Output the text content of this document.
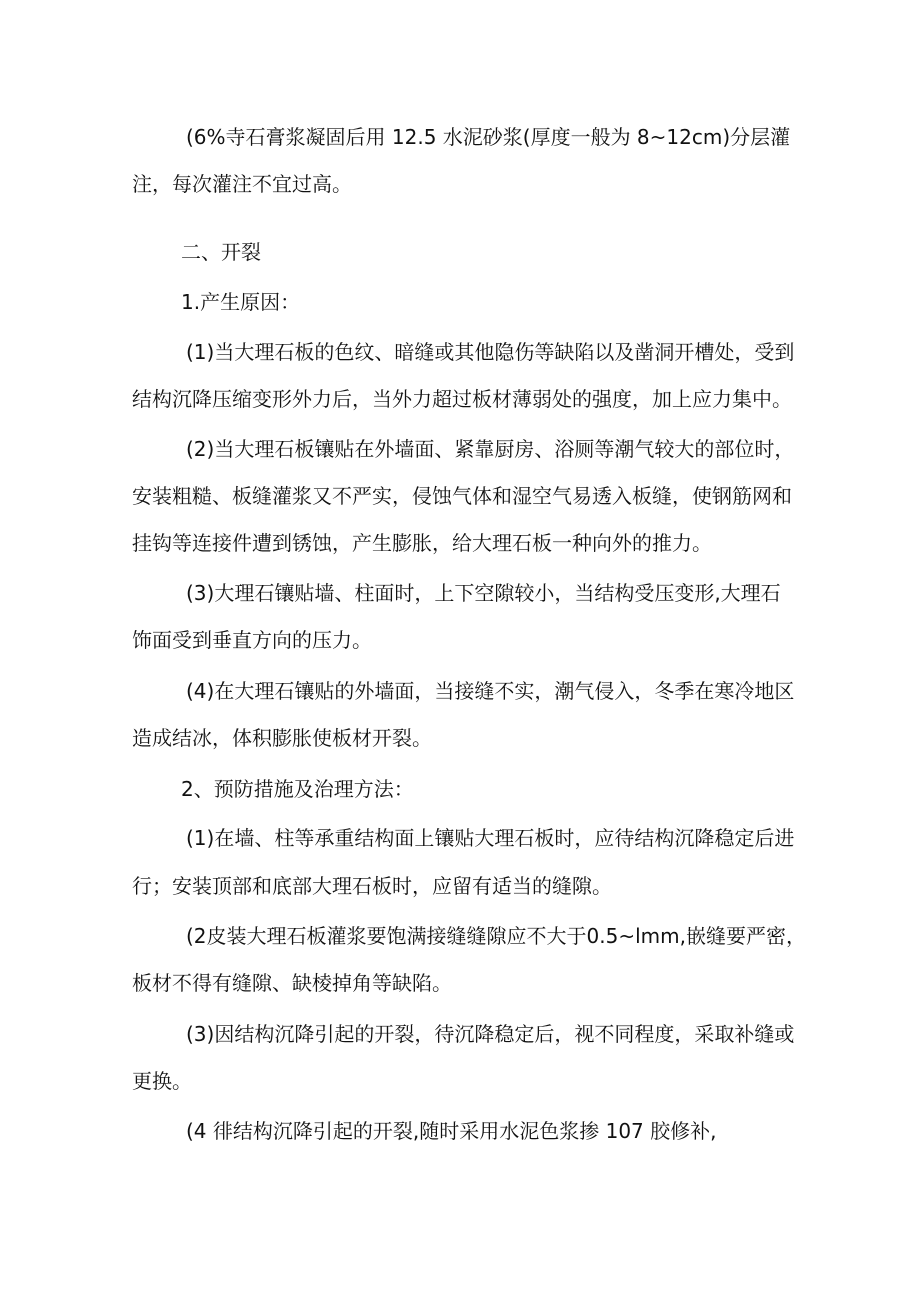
(6%寺石膏浆凝固后用 12.5 水泥砂浆(厚度一般为 8~12cm)分层灌

注，每次灌注不宜过高。

二、开裂

1.产生原因：

(1)当大理石板的色纹、暗缝或其他隐伤等缺陷以及凿洞开槽处，受到

结构沉降压缩变形外力后，当外力超过板材薄弱处的强度，加上应力集中。

(2)当大理石板镶贴在外墙面、紧靠厨房、浴厕等潮气较大的部位时，

安装粗糙、板缝灌浆又不严实，侵蚀气体和湿空气易透入板缝，使钢筋网和

挂钩等连接件遭到锈蚀，产生膨胀，给大理石板一种向外的推力。

(3)大理石镶贴墙、柱面时，上下空隙较小，当结构受压变形,大理石

饰面受到垂直方向的压力。

(4)在大理石镶贴的外墙面，当接缝不实，潮气侵入，冬季在寒冷地区

造成结冰，体积膨胀使板材开裂。

2、预防措施及治理方法：

(1)在墙、柱等承重结构面上镶贴大理石板时，应待结构沉降稳定后进

行；安装顶部和底部大理石板时，应留有适当的缝隙。

(2皮装大理石板灌浆要饱满接缝缝隙应不大于0.5~lmm,嵌缝要严密，

板材不得有缝隙、缺棱掉角等缺陷。

(3)因结构沉降引起的开裂，待沉降稳定后，视不同程度，采取补缝或

更换。

(4 徘结构沉降引起的开裂,随时采用水泥色浆掺 107 胶修补,
